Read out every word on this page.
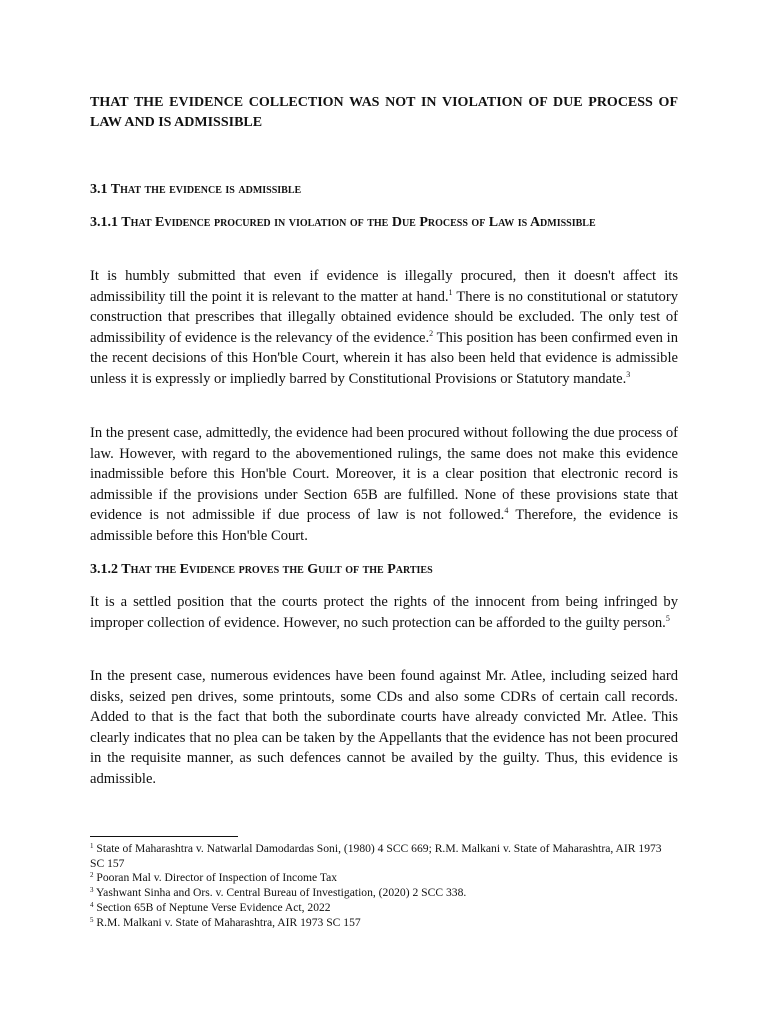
THAT THE EVIDENCE COLLECTION WAS NOT IN VIOLATION OF DUE PROCESS OF LAW AND IS ADMISSIBLE
3.1 That the evidence is admissible
3.1.1 That Evidence procured in violation of the Due Process of Law is Admissible

It is humbly submitted that even if evidence is illegally procured, then it doesn't affect its admissibility till the point it is relevant to the matter at hand.$^1$ There is no constitutional or statutory construction that prescribes that illegally obtained evidence should be excluded. The only test of admissibility of evidence is the relevancy of the evidence.$^2$ This position has been confirmed even in the recent decisions of this Hon'ble Court, wherein it has also been held that evidence is admissible unless it is expressly or impliedly barred by Constitutional Provisions or Statutory mandate.$^3$

In the present case, admittedly, the evidence had been procured without following the due process of law. However, with regard to the abovementioned rulings, the same does not make this evidence inadmissible before this Hon'ble Court. Moreover, it is a clear position that electronic record is admissible if the provisions under Section 65B are fulfilled. None of these provisions state that evidence is not admissible if due process of law is not followed.$^4$ Therefore, the evidence is admissible before this Hon'ble Court.

3.1.2 That the Evidence proves the Guilt of the Parties

It is a settled position that the courts protect the rights of the innocent from being infringed by improper collection of evidence. However, no such protection can be afforded to the guilty person.$^5$

In the present case, numerous evidences have been found against Mr. Atlee, including seized hard disks, seized pen drives, some printouts, some CDs and also some CDRs of certain call records. Added to that is the fact that both the subordinate courts have already convicted Mr. Atlee. This clearly indicates that no plea can be taken by the Appellants that the evidence has not been procured in the requisite manner, as such defences cannot be availed by the guilty. Thus, this evidence is admissible.

$^1$ State of Maharashtra v. Natwarlal Damodardas Soni, (1980) 4 SCC 669; R.M. Malkani v. State of Maharashtra, AIR 1973 SC 157

$^2$ Pooran Mal v. Director of Inspection of Income Tax

$^3$ Yashwant Sinha and Ors. v. Central Bureau of Investigation, (2020) 2 SCC 338.

$^4$ Section 65B of Neptune Verse Evidence Act, 2022

$^5$ R.M. Malkani v. State of Maharashtra, AIR 1973 SC 157
